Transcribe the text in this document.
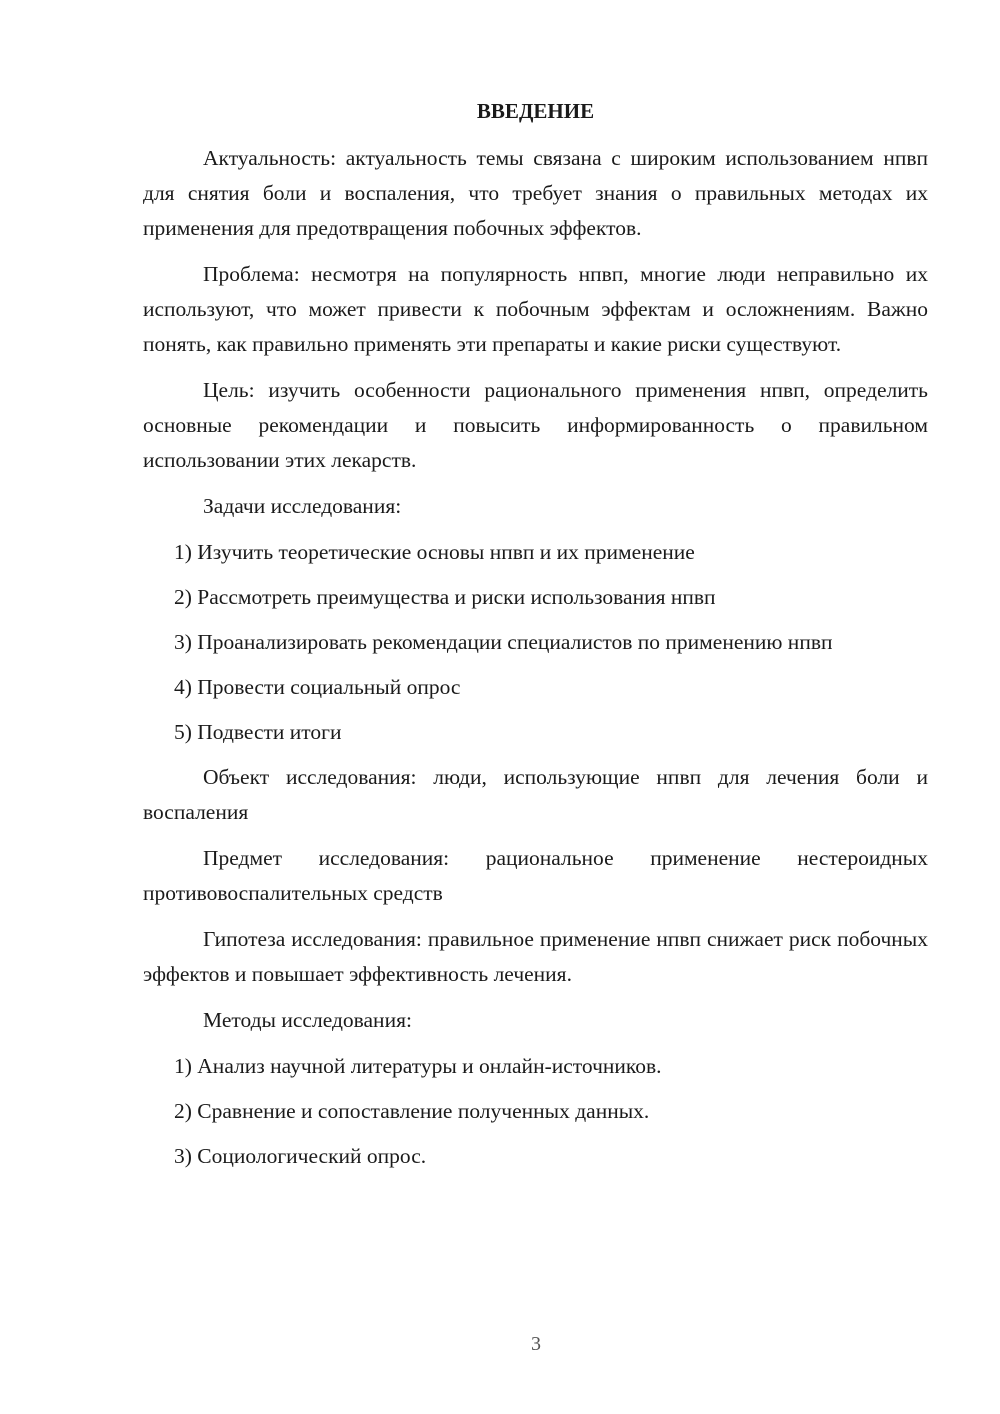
ВВЕДЕНИЕ
Актуальность: актуальность темы связана с широким использованием нпвп для снятия боли и воспаления, что требует знания о правильных методах их применения для предотвращения побочных эффектов.
Проблема: несмотря на популярность нпвп, многие люди неправильно их используют, что может привести к побочным эффектам и осложнениям. Важно понять, как правильно применять эти препараты и какие риски существуют.
Цель: изучить особенности рационального применения нпвп, определить основные рекомендации и повысить информированность о правильном использовании этих лекарств.
Задачи исследования:
1) Изучить теоретические основы нпвп и их применение
2) Рассмотреть преимущества и риски использования нпвп
3) Проанализировать рекомендации специалистов по применению нпвп
4) Провести социальный опрос
5) Подвести итоги
Объект исследования: люди, использующие нпвп для лечения боли и воспаления
Предмет исследования: рациональное применение нестероидных противовоспалительных средств
Гипотеза исследования: правильное применение нпвп снижает риск побочных эффектов и повышает эффективность лечения.
Методы исследования:
1) Анализ научной литературы и онлайн-источников.
2) Сравнение и сопоставление полученных данных.
3) Социологический опрос.
3
